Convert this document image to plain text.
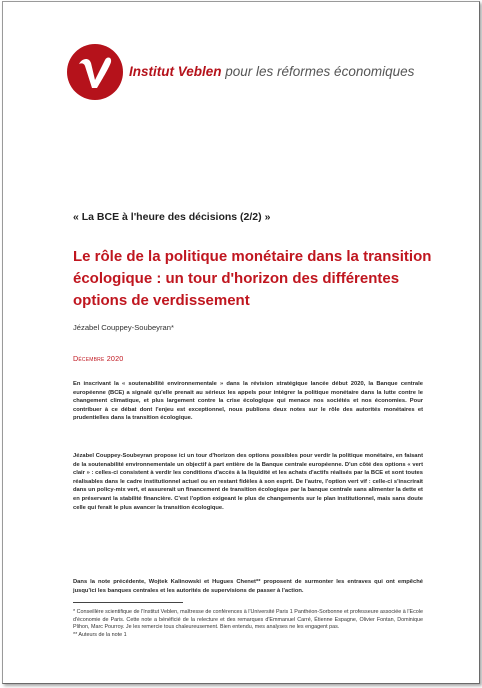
Institut Veblen pour les réformes économiques
« La BCE à l'heure des décisions (2/2) »
Le rôle de la politique monétaire dans la transition écologique : un tour d'horizon des différentes options de verdissement
Jézabel Couppey-Soubeyran*
Décembre 2020

En inscrivant la « soutenabilité environnementale » dans la révision stratégique lancée début 2020, la Banque centrale européenne (BCE) a signalé qu'elle prenait au sérieux les appels pour intégrer la politique monétaire dans la lutte contre le changement climatique, et plus largement contre la crise écologique qui menace nos sociétés et nos économies. Pour contribuer à ce débat dont l'enjeu est exceptionnel, nous publions deux notes sur le rôle des autorités monétaires et prudentielles dans la transition écologique.

Jézabel Couppey-Soubeyran propose ici un tour d'horizon des options possibles pour verdir la politique monétaire, en faisant de la soutenabilité environnementale un objectif à part entière de la Banque centrale européenne. D'un côté des options « vert clair » : celles-ci consistent à verdir les conditions d'accès à la liquidité et les achats d'actifs réalisés par la BCE et sont toutes réalisables dans le cadre institutionnel actuel ou en restant fidèles à son esprit. De l'autre, l'option vert vif : celle-ci s'inscrirait dans un policy-mix vert, et assurerait un financement de transition écologique par la banque centrale sans alimenter la dette et en préservant la stabilité financière. C'est l'option exigeant le plus de changements sur le plan institutionnel, mais sans doute celle qui ferait le plus avancer la transition écologique.

Dans la note précédente, Wojtek Kalinowski et Hugues Chenet** proposent de surmonter les entraves qui ont empêché jusqu'ici les banques centrales et les autorités de supervisions de passer à l'action.

* Conseillère scientifique de l'Institut Veblen, maîtresse de conférences à l'Université Paris 1 Panthéon-Sorbonne et professeure associée à l'Ecole d'économie de Paris. Cette note a bénéficié de la relecture et des remarques d'Emmanuel Carré, Étienne Espagne, Olivier Fontan, Dominique Plihon, Marc Pourroy. Je les remercie tous chaleureusement. Bien entendu, mes analyses ne les engagent pas.

** Auteurs de la note 1
